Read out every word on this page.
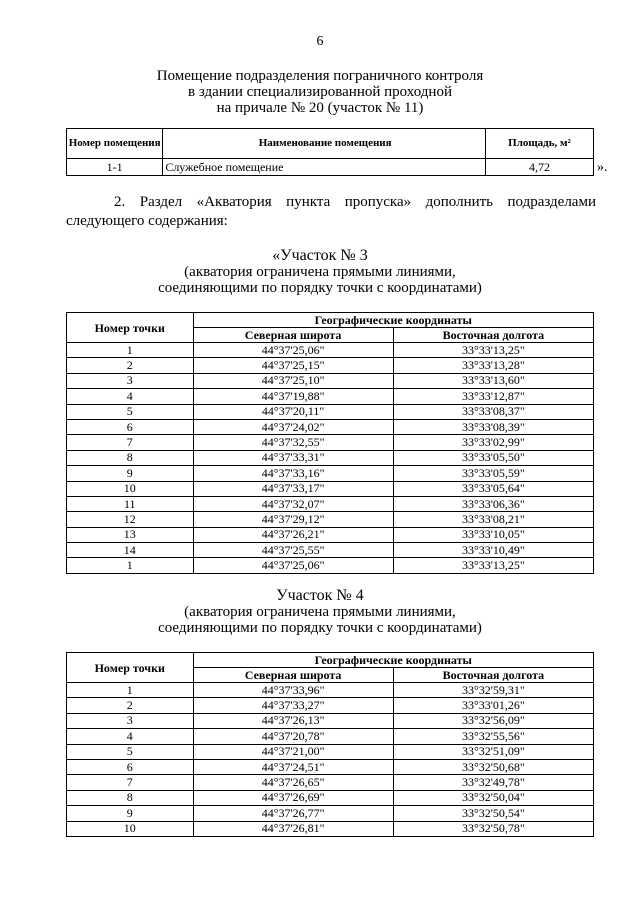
6
Помещение подразделения пограничного контроля
в здании специализированной проходной
на причале № 20 (участок № 11)
Номер помещения	Наименование помещения	Площадь, м²
1-1	Служебное помещение	4,72	».
2. Раздел «Акватория пункта пропуска» дополнить подразделами следующего содержания:
«Участок № 3
(акватория ограничена прямыми линиями,
соединяющими по порядку точки с координатами)
Номер точки	Географические координаты	
	Северная широта	Восточная долгота
1	44°37'25,06"	33°33'13,25"
2	44°37'25,15"	33°33'13,28"
3	44°37'25,10"	33°33'13,60"
4	44°37'19,88"	33°33'12,87"
5	44°37'20,11"	33°33'08,37"
6	44°37'24,02"	33°33'08,39"
7	44°37'32,55"	33°33'02,99"
8	44°37'33,31"	33°33'05,50"
9	44°37'33,16"	33°33'05,59"
10	44°37'33,17"	33°33'05,64"
11	44°37'32,07"	33°33'06,36"
12	44°37'29,12"	33°33'08,21"
13	44°37'26,21"	33°33'10,05"
14	44°37'25,55"	33°33'10,49"
1	44°37'25,06"	33°33'13,25"
Участок № 4
(акватория ограничена прямыми линиями,
соединяющими по порядку точки с координатами)
Номер точки	Географические координаты	
	Северная широта	Восточная долгота
1	44°37'33,96"	33°32'59,31"
2	44°37'33,27"	33°33'01,26"
3	44°37'26,13"	33°32'56,09"
4	44°37'20,78"	33°32'55,56"
5	44°37'21,00"	33°32'51,09"
6	44°37'24,51"	33°32'50,68"
7	44°37'26,65"	33°32'49,78"
8	44°37'26,69"	33°32'50,04"
9	44°37'26,77"	33°32'50,54"
10	44°37'26,81"	33°32'50,78"
